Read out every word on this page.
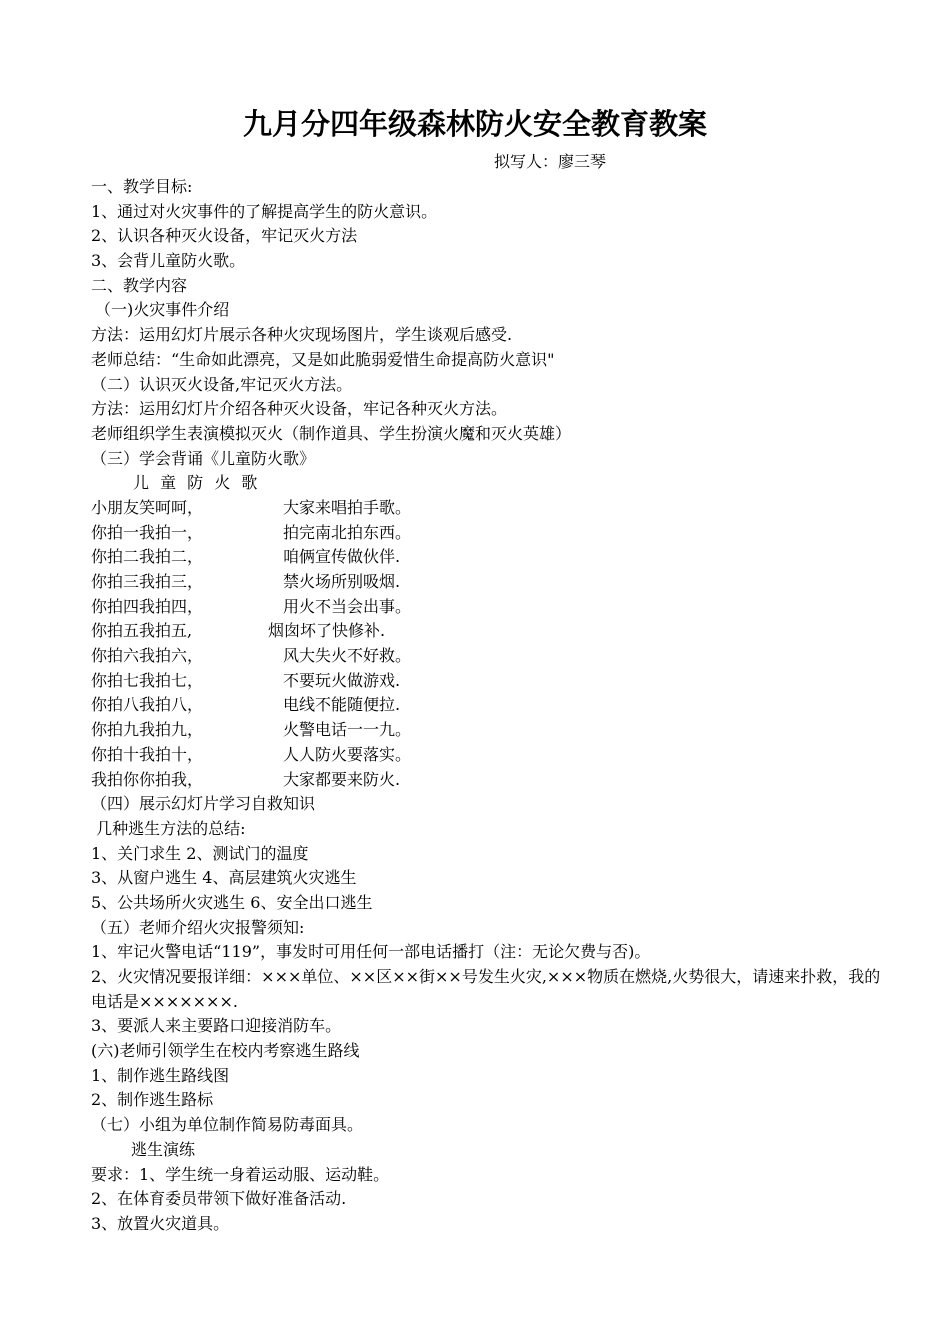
九月分四年级森林防火安全教育教案
拟写人：廖三琴
一、教学目标:
1、通过对火灾事件的了解提高学生的防火意识。
2、认识各种灭火设备，牢记灭火方法
3、会背儿童防火歌。
二、教学内容
（一)火灾事件介绍
方法：运用幻灯片展示各种火灾现场图片，学生谈观后感受.
老师总结：“生命如此漂亮，又是如此脆弱爱惜生命提高防火意识"
（二）认识灭火设备,牢记灭火方法。
方法：运用幻灯片介绍各种灭火设备，牢记各种灭火方法。
老师组织学生表演模拟灭火（制作道具、学生扮演火魔和灭火英雄）
（三）学会背诵《儿童防火歌》
儿 童 防 火 歌
小朋友笑呵呵，	大家来唱拍手歌。
你拍一我拍一，	拍完南北拍东西。
你拍二我拍二，	咱俩宣传做伙伴.
你拍三我拍三，	禁火场所别吸烟.
你拍四我拍四，	用火不当会出事。
你拍五我拍五,	烟囱坏了快修补.
你拍六我拍六，	风大失火不好救。
你拍七我拍七，	不要玩火做游戏.
你拍八我拍八，	电线不能随便拉.
你拍九我拍九，	火警电话一一九。
你拍十我拍十，	人人防火要落实。
我拍你你拍我，	大家都要来防火.
（四）展示幻灯片学习自救知识
几种逃生方法的总结:
1、关门求生 2、测试门的温度
3、从窗户逃生 4、高层建筑火灾逃生
5、公共场所火灾逃生 6、安全出口逃生
（五）老师介绍火灾报警须知:
1、牢记火警电话“119”，事发时可用任何一部电话播打（注：无论欠费与否)。
2、火灾情况要报详细：×××单位、××区××街××号发生火灾,×××物质在燃烧,火势很大，请速来扑救，我的电话是×××××××.
3、要派人来主要路口迎接消防车。
(六)老师引领学生在校内考察逃生路线
1、制作逃生路线图
2、制作逃生路标
（七）小组为单位制作简易防毒面具。
逃生演练
要求：1、学生统一身着运动服、运动鞋。
2、在体育委员带领下做好准备活动.
3、放置火灾道具。
